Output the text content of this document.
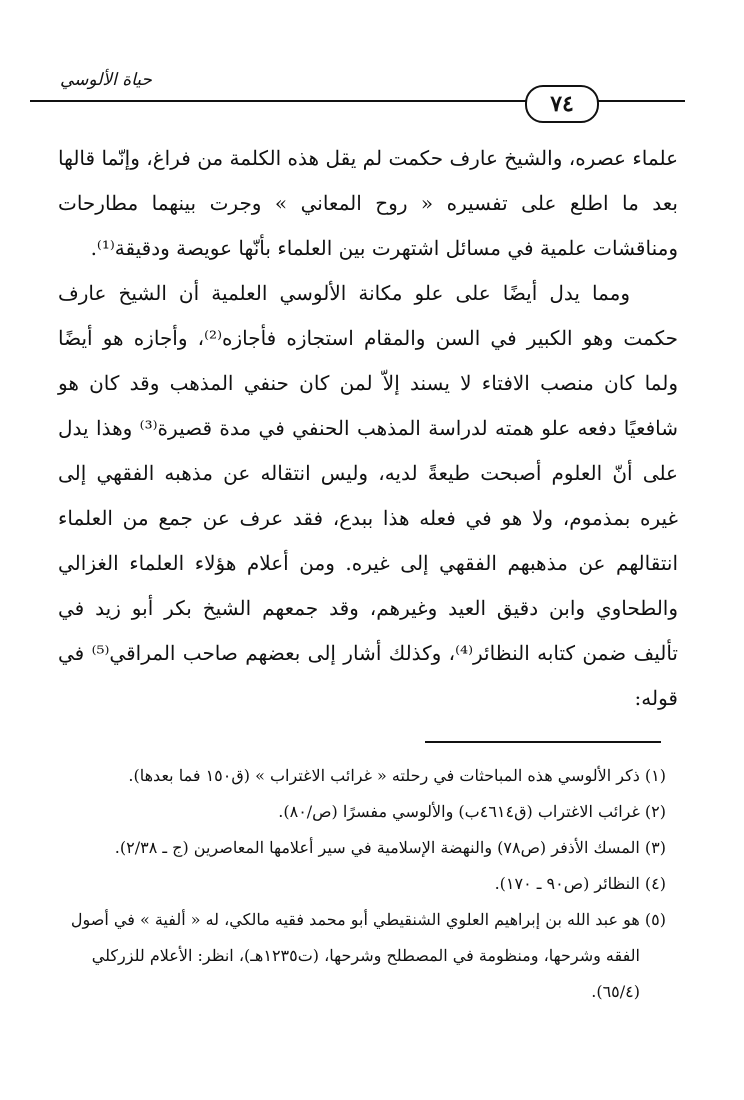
حياة الألوسي
٧٤

علماء عصره، والشيخ عارف حكمت لم يقل هذه الكلمة من فراغ، وإنّما قالها بعد ما اطلع على تفسيره « روح المعاني » وجرت بينهما مطارحات ومناقشات علمية في مسائل اشتهرت بين العلماء بأنّها عويصة ودقيقة⁽¹⁾.

ومما يدل أيضًا على علو مكانة الألوسي العلمية أن الشيخ عارف حكمت وهو الكبير في السن والمقام استجازه فأجازه⁽²⁾، وأجازه هو أيضًا ولما كان منصب الافتاء لا يسند إلاّ لمن كان حنفي المذهب وقد كان هو شافعيًا دفعه علو همته لدراسة المذهب الحنفي في مدة قصيرة⁽³⁾ وهذا يدل على أنّ العلوم أصبحت طيعةً لديه، وليس انتقاله عن مذهبه الفقهي إلى غيره بمذموم، ولا هو في فعله هذا ببدع، فقد عرف عن جمع من العلماء انتقالهم عن مذهبهم الفقهي إلى غيره. ومن أعلام هؤلاء العلماء الغزالي والطحاوي وابن دقيق العيد وغيرهم، وقد جمعهم الشيخ بكر أبو زيد في تأليف ضمن كتابه النظائر⁽⁴⁾، وكذلك أشار إلى بعضهم صاحب المراقي⁽⁵⁾ في قوله:

(١) ذكر الألوسي هذه المباحثات في رحلته « غرائب الاغتراب » (ق١٥٠ فما بعدها).

(٢) غرائب الاغتراب (ق٤٦١٤ب) والألوسي مفسرًا (ص/٨٠).

(٣) المسك الأذفر (ص٧٨) والنهضة الإسلامية في سير أعلامها المعاصرين (ج ـ ٢/٣٨).

(٤) النظائر (ص٩٠ ـ ١٧٠).

(٥) هو عبد الله بن إبراهيم العلوي الشنقيطي أبو محمد فقيه مالكي، له « ألفية » في أصول

الفقه وشرحها، ومنظومة في المصطلح وشرحها، (ت١٢٣٥هـ)، انظر: الأعلام للزركلي

(٦٥/٤).
